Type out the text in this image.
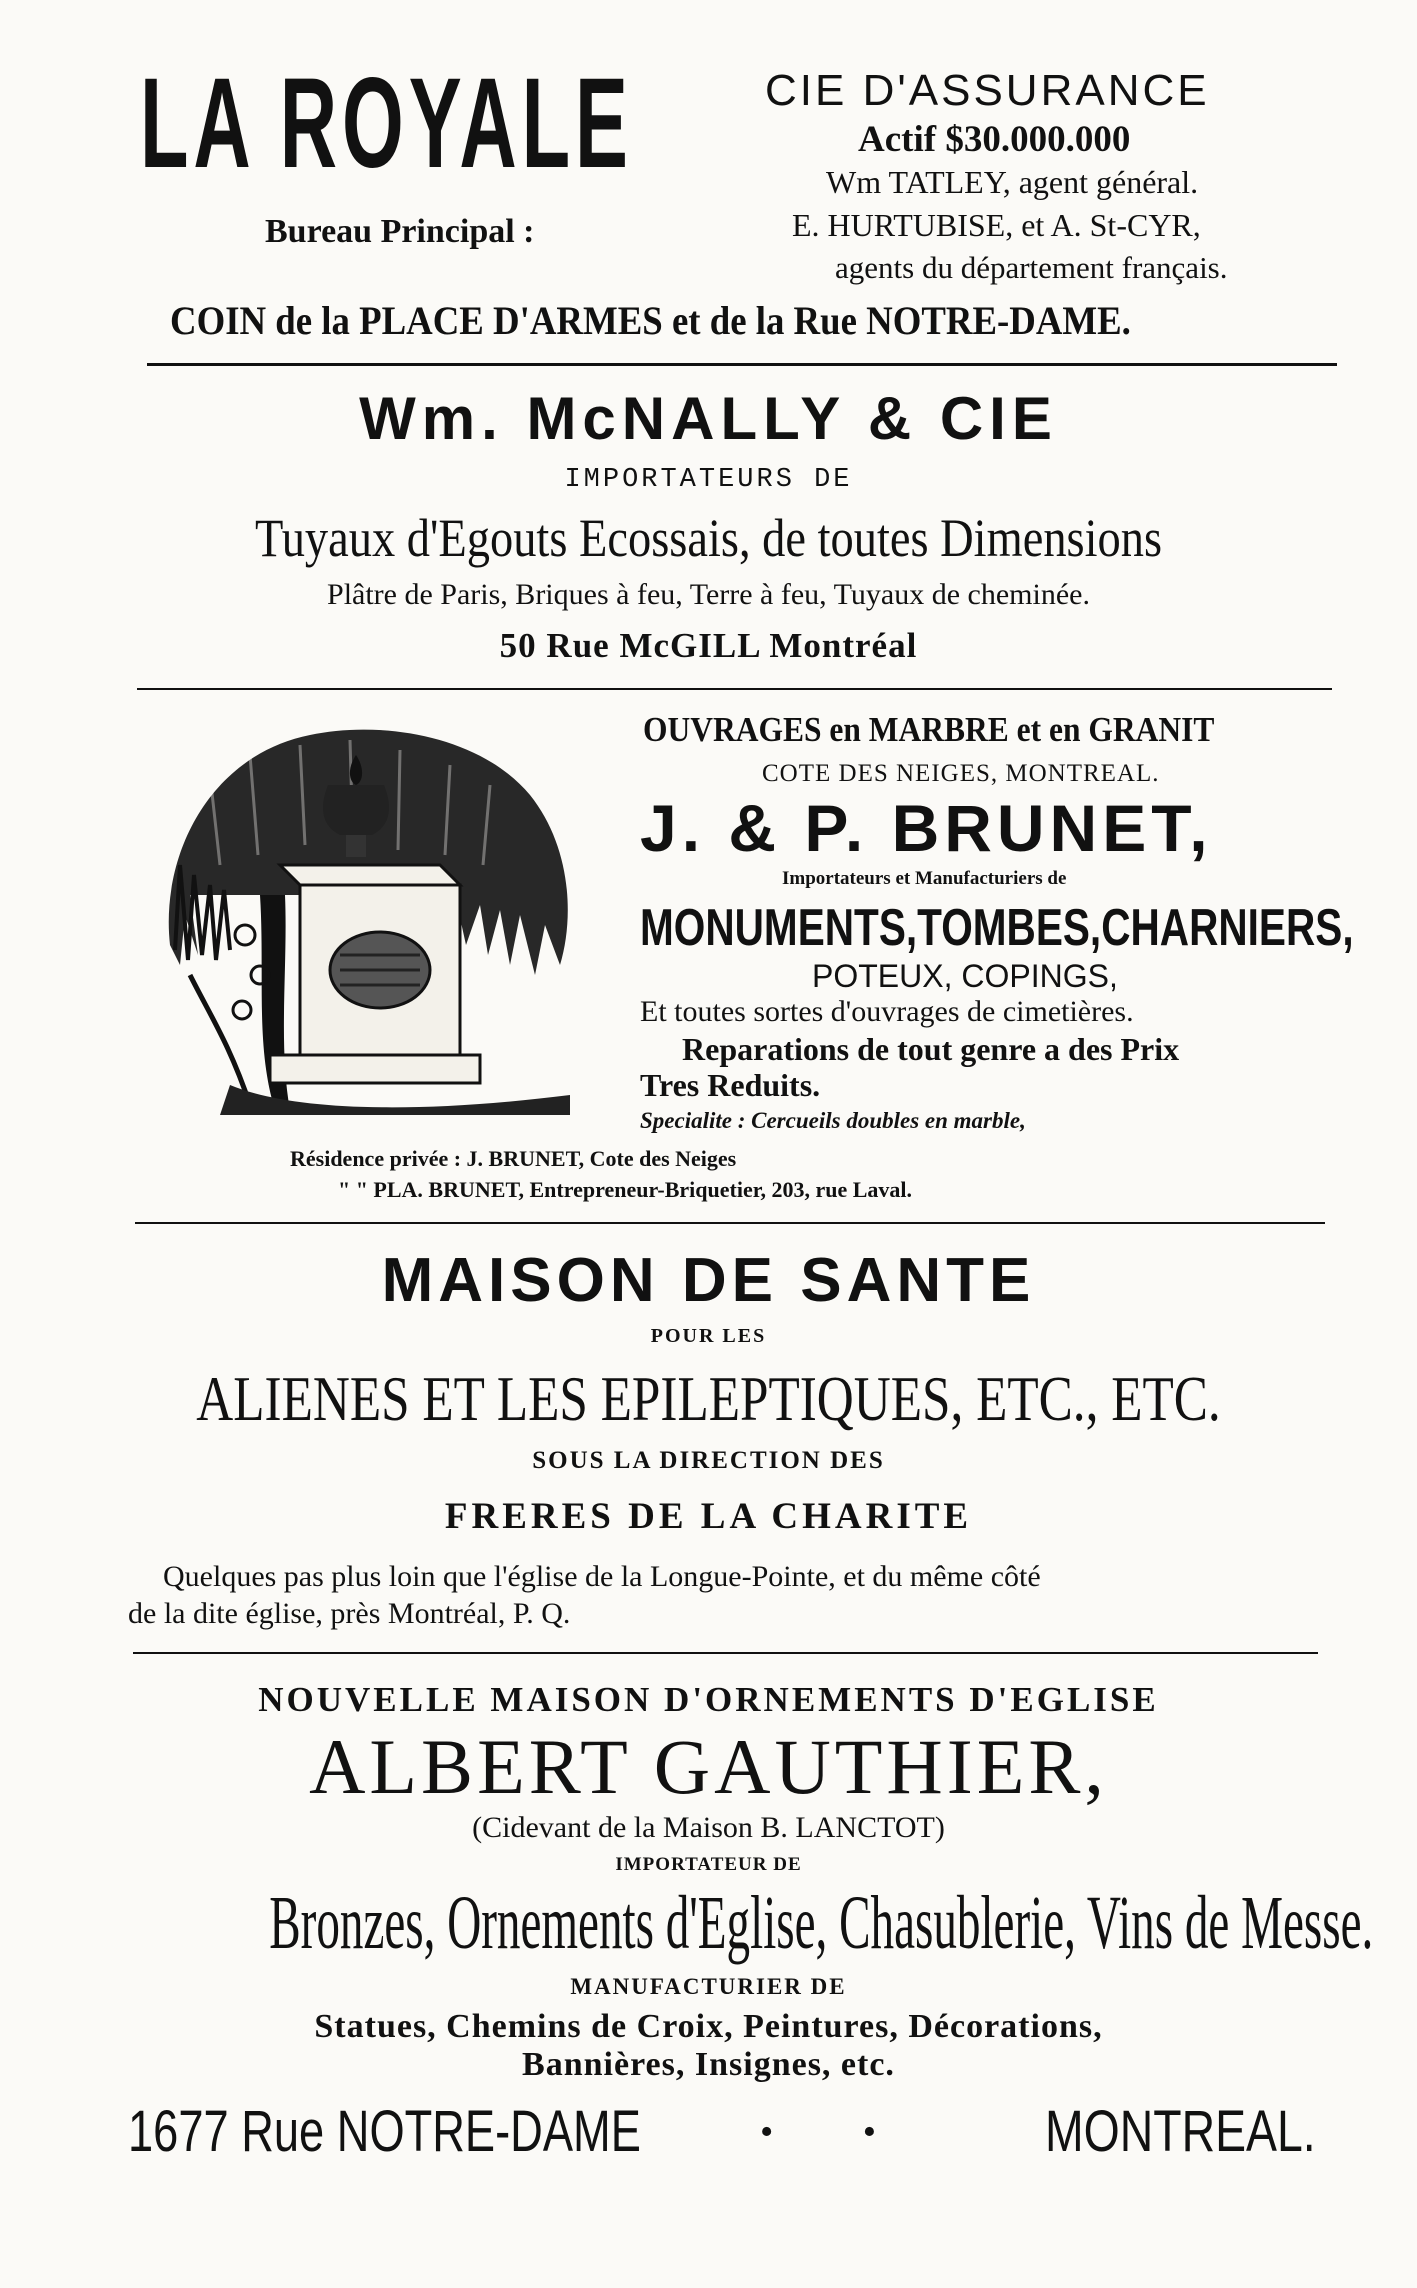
LA ROYALE
Bureau Principal :
CIE D'ASSURANCE
Actif $30.000.000
Wm TATLEY, agent général.
E. HURTUBISE, et A. St-CYR,
agents du département français.
COIN de la PLACE D'ARMES et de la Rue NOTRE-DAME.
Wm. McNALLY & CIE
IMPORTATEURS DE
Tuyaux d'Egouts Ecossais, de toutes Dimensions
Plâtre de Paris, Briques à feu, Terre à feu, Tuyaux de cheminée.
50 Rue McGILL Montréal
OUVRAGES en MARBRE et en GRANIT
COTE DES NEIGES, MONTREAL.
J. & P. BRUNET,
Importateurs et Manufacturiers de
MONUMENTS,TOMBES,CHARNIERS,
POTEUX, COPINGS,
Et toutes sortes d'ouvrages de cimetières.
Reparations de tout genre a des Prix
Tres Reduits.
Specialite : Cercueils doubles en marble,
Résidence privée : J. BRUNET, Cote des Neiges
" " PLA. BRUNET, Entrepreneur-Briquetier, 203, rue Laval.
MAISON DE SANTE
POUR LES
ALIENES ET LES EPILEPTIQUES, ETC., ETC.
SOUS LA DIRECTION DES
FRERES DE LA CHARITE
Quelques pas plus loin que l'église de la Longue-Pointe, et du même côté
de la dite église, près Montréal, P. Q.
NOUVELLE MAISON D'ORNEMENTS D'EGLISE
ALBERT GAUTHIER,
(Cidevant de la Maison B. LANCTOT)
IMPORTATEUR DE
Bronzes, Ornements d'Eglise, Chasublerie, Vins de Messe.
MANUFACTURIER DE
Statues, Chemins de Croix, Peintures, Décorations,
Bannières, Insignes, etc.
1677 Rue NOTRE-DAME	• • MONTREAL.
